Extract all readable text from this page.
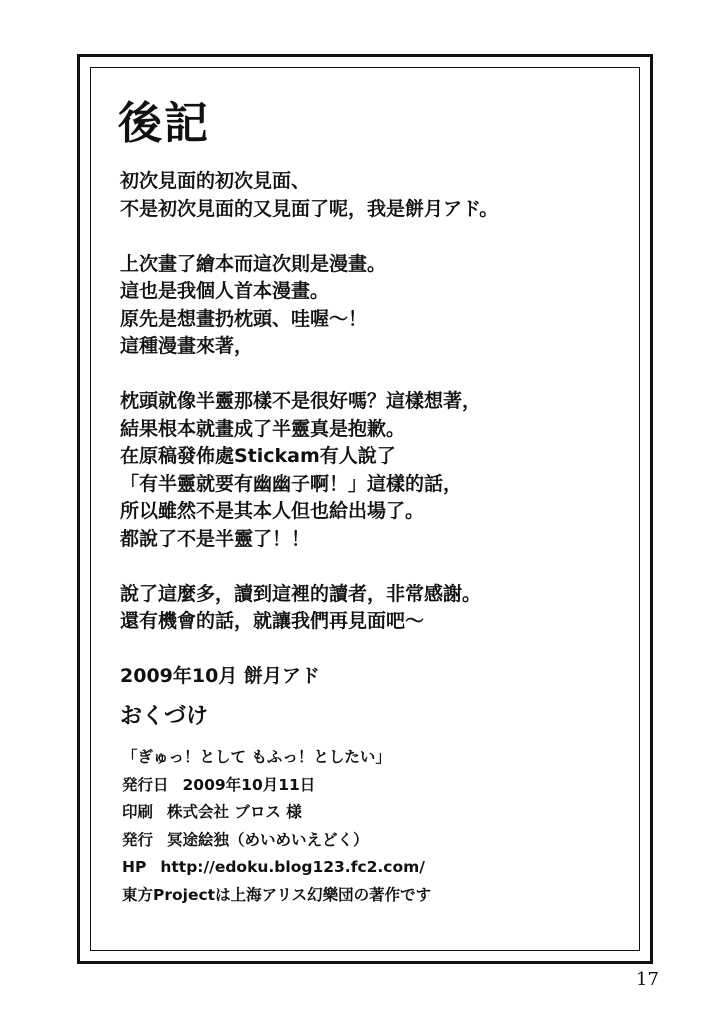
後記
初次見面的初次見面、
不是初次見面的又見面了呢，我是餅月アド。
上次畫了繪本而這次則是漫畫。
這也是我個人首本漫畫。
原先是想畫扔枕頭、哇喔～！
這種漫畫來著，
枕頭就像半靈那樣不是很好嗎？這樣想著，
結果根本就畫成了半靈真是抱歉。
在原稿發佈處Stickam有人說了
「有半靈就要有幽幽子啊！」這樣的話，
所以雖然不是其本人但也給出場了。
都說了不是半靈了！！
說了這麼多，讀到這裡的讀者，非常感謝。
還有機會的話，就讓我們再見面吧～
2009年10月 餅月アド
おくづけ
「ぎゅっ！として もふっ！としたい」
発行日 2009年10月11日
印刷 株式会社 ブロス 様
発行 冥途絵独（めいめいえどく）
HP http://edoku.blog123.fc2.com/
東方Projectは上海アリス幻樂団の著作です
17
